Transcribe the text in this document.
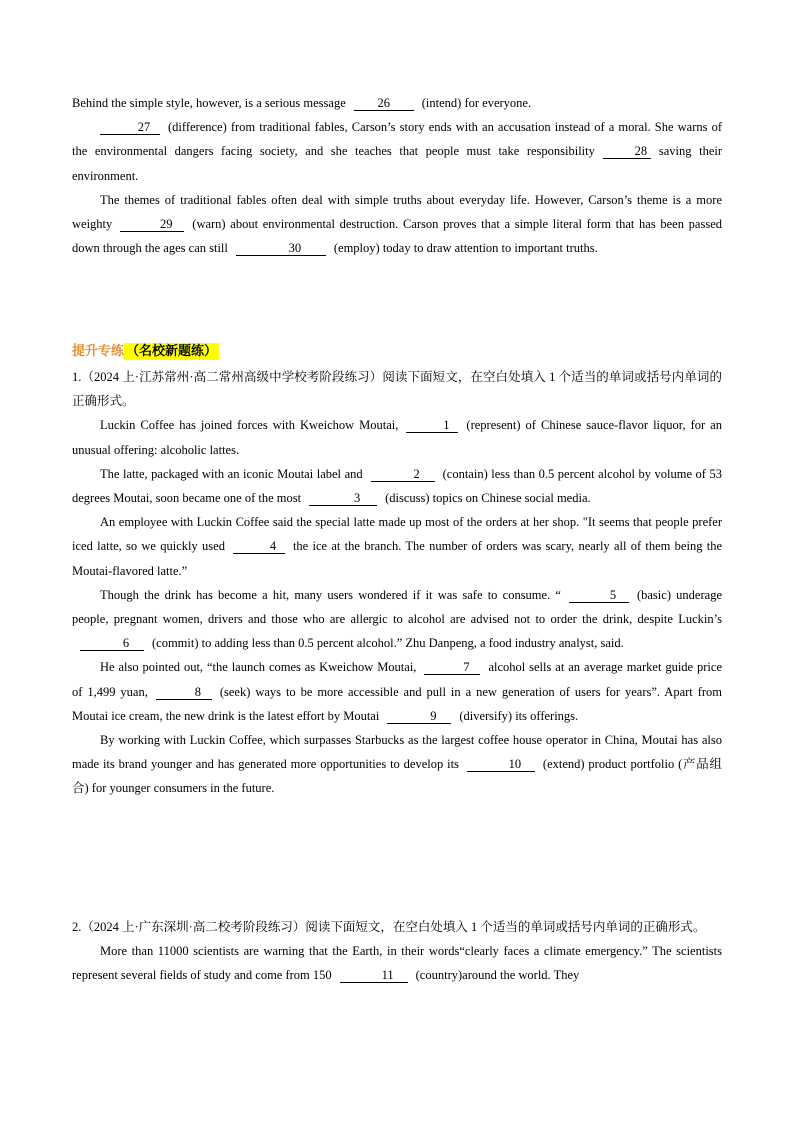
Behind the simple style, however, is a serious message	26	(intend) for everyone.

27 (difference) from traditional fables, Carson’s story ends with an accusation instead of a moral. She warns of the environmental dangers facing society, and she teaches that people must take responsibility	28 saving their environment.

The themes of traditional fables often deal with simple truths about everyday life. However, Carson’s theme is a more weighty	29 (warn) about environmental destruction. Carson proves that a simple literal form that has been passed down through the ages can still	30	(employ) today to draw attention to important truths.

提升专练 （名校新题练）

1.（2024 上·江苏常州·高二常州高级中学校考阶段练习）阅读下面短文，在空白处填入 1 个适当的单词或括号内单词的正确形式。

Luckin Coffee has joined forces with Kweichow Moutai,	1 (represent) of Chinese sauce-flavor liquor, for an unusual offering: alcoholic lattes.

The latte, packaged with an iconic Moutai label and	2 (contain) less than 0.5 percent alcohol by volume of 53 degrees Moutai, soon became one of the most	3 (discuss) topics on Chinese social media.

An employee with Luckin Coffee said the special latte made up most of the orders at her shop. "It seems that people prefer iced latte, so we quickly used	4 the ice at the branch. The number of orders was scary, nearly all of them being the Moutai-flavored latte.”

Though the drink has become a hit, many users wondered if it was safe to consume. “	5 (basic) underage people, pregnant women, drivers and those who are allergic to alcohol are advised not to order the drink, despite Luckin’s6 (commit) to adding less than 0.5 percent alcohol.” Zhu Danpeng, a food industry analyst, said.

He also pointed out, “the launch comes as Kweichow Moutai,	7 alcohol sells at an average market guide price of 1,499 yuan,	8 (seek) ways to be more accessible and pull in a new generation of users for years”. Apart from Moutai ice cream, the new drink is the latest effort by Moutai	9 (diversify) its offerings.

By working with Luckin Coffee, which surpasses Starbucks as the largest coffee house operator in China, Moutai has also made its brand younger and has generated more opportunities to develop its	10 (extend) product portfolio (产品组合) for younger consumers in the future.

2.（2024 上·广东深圳·高二校考阶段练习）阅读下面短文，在空白处填入 1 个适当的单词或括号内单词的正确形式。

More than 11000 scientists are warning that the Earth, in their words“clearly faces a climate emergency.” The scientists represent several fields of study and come from 150	11 (country)around the world. They
